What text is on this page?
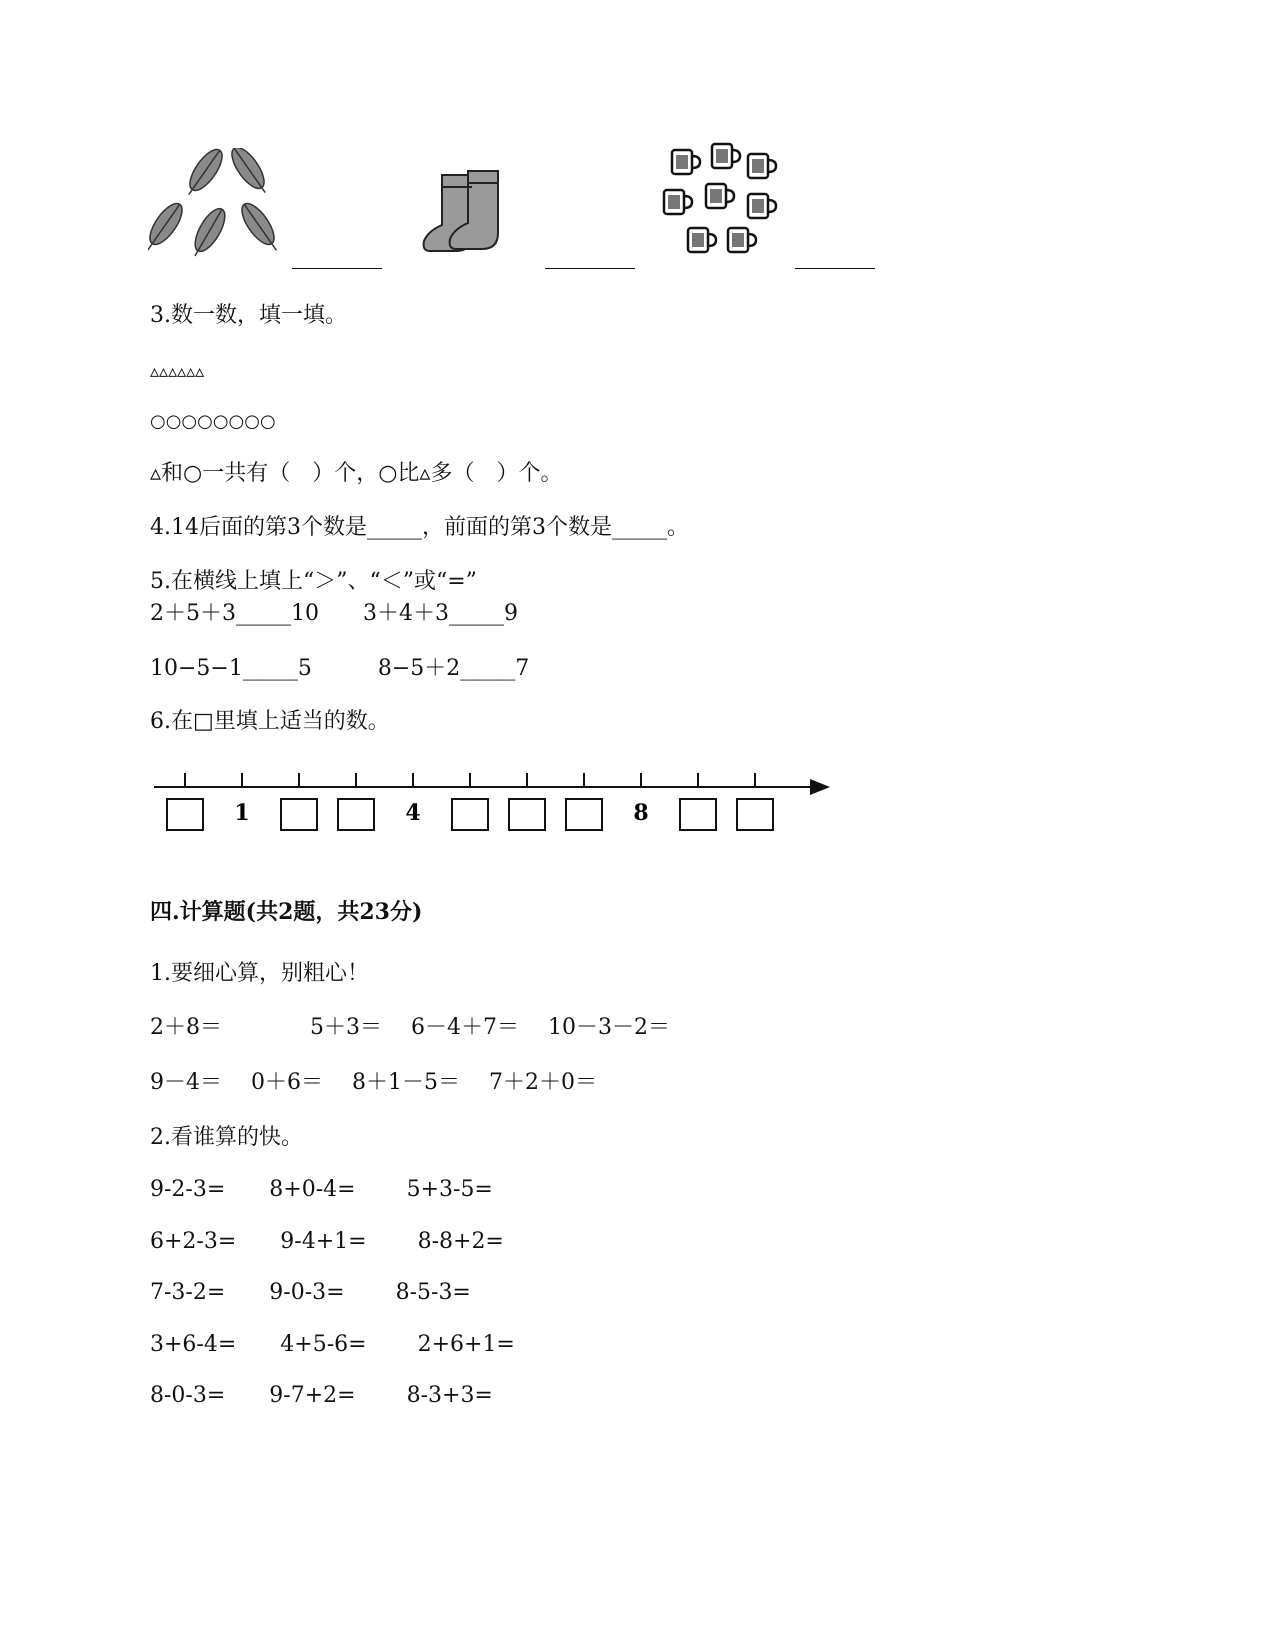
3.数一数，填一填。
▵▵▵▵▵▵
○○○○○○○○
▵和○一共有（　）个，○比▵多（　）个。
4.14后面的第3个数是_____，前面的第3个数是_____。
5.在横线上填上“＞”、“＜”或“=”
2＋5＋3_____10　　3＋4＋3_____9
10−5−1_____5　　　8−5＋2_____7
6.在□里填上适当的数。
1	4	8
四.计算题(共2题，共23分)
1.要细心算，别粗心！
2＋8＝　　　　5＋3＝　 6－4＋7＝　 10－3－2＝
9－4＝　 0＋6＝　 8＋1－5＝　 7＋2＋0＝
2.看谁算的快。
9-2-3=　　8+0-4=　　 5+3-5=
6+2-3=　　9-4+1=　　 8-8+2=
7-3-2=　　9-0-3=　　 8-5-3=
3+6-4=　　4+5-6=　　 2+6+1=
8-0-3=　　9-7+2=　　 8-3+3=
